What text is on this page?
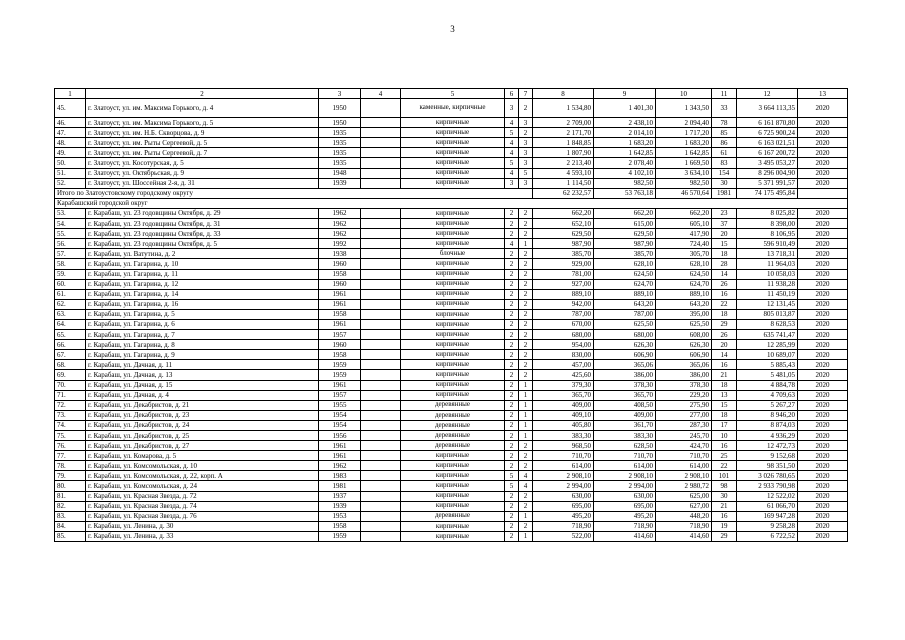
3
1	2	3	4	5	6	7	8	9	10	11	12	13
45.	г. Златоуст, ул. им. Максима Горького, д. 4	1950		каменные, кирпичные	3	2	1 534,80	1 401,30	1 343,50	33	3 664 113,35	2020
46.	г. Златоуст, ул. им. Максима Горького, д. 5	1950		кирпичные	4	3	2 709,00	2 438,10	2 094,40	78	6 161 870,80	2020
47.	г. Златоуст, ул. им. Н.Б. Скворцова, д. 9	1935		кирпичные	5	2	2 171,70	2 014,10	1 717,20	85	6 725 900,24	2020
48.	г. Златоуст, ул. им. Рыты Сергеевой, д. 5	1935		кирпичные	4	3	1 848,85	1 683,20	1 683,20	86	6 163 021,51	2020
49.	г. Златоуст, ул. им. Рыты Сергеевой, д. 7	1935		кирпичные	4	3	1 807,90	1 642,85	1 642,85	61	6 167 200,72	2020
50.	г. Златоуст, ул. Косотурская, д. 5	1935		кирпичные	5	3	2 213,40	2 078,40	1 669,50	83	3 495 053,27	2020
51.	г. Златоуст, ул. Октябрьская, д. 9	1948		кирпичные	4	5	4 593,10	4 102,10	3 634,10	154	8 296 004,90	2020
52.	г. Златоуст, ул. Шоссейная 2-я, д. 31	1939		кирпичные	3	3	1 114,50	982,50	982,50	30	5 371 991,57	2020
Итого по Златоустовскому городскому округу							62 232,57	53 763,18	46 570,64	1981	74 175 495,84	
Карабашский городской округ												
53.	г. Карабаш, ул. 23 годовщины Октября, д. 29	1962		кирпичные	2	2	662,20	662,20	662,20	23	8 025,82	2020
54.	г. Карабаш, ул. 23 годовщины Октября, д. 31	1962		кирпичные	2	2	652,10	615,00	605,10	37	8 398,00	2020
55.	г. Карабаш, ул. 23 годовщины Октября, д. 33	1962		кирпичные	2	2	629,50	629,50	417,90	20	8 106,95	2020
56.	г. Карабаш, ул. 23 годовщины Октября, д. 5	1992		кирпичные	4	1	987,90	987,90	724,40	15	596 910,49	2020
57.	г. Карабаш, ул. Ватутина, д. 2	1938		блочные	2	2	385,70	385,70	305,70	18	13 718,31	2020
58.	г. Карабаш, ул. Гагарина, д. 10	1960		кирпичные	2	2	929,00	628,10	628,10	28	11 964,03	2020
59.	г. Карабаш, ул. Гагарина, д. 11	1958		кирпичные	2	2	781,00	624,50	624,50	14	10 058,03	2020
60.	г. Карабаш, ул. Гагарина, д. 12	1960		кирпичные	2	2	927,00	624,70	624,70	26	11 938,28	2020
61.	г. Карабаш, ул. Гагарина, д. 14	1961		кирпичные	2	2	889,10	889,10	889,10	16	11 450,19	2020
62.	г. Карабаш, ул. Гагарина, д. 16	1961		кирпичные	2	2	942,00	643,20	643,20	22	12 131,45	2020
63.	г. Карабаш, ул. Гагарина, д. 5	1958		кирпичные	2	2	787,00	787,00	395,00	18	805 013,87	2020
64.	г. Карабаш, ул. Гагарина, д. 6	1961		кирпичные	2	2	670,00	625,50	625,50	29	8 628,53	2020
65.	г. Карабаш, ул. Гагарина, д. 7	1957		кирпичные	2	2	680,00	680,00	608,00	26	635 741,47	2020
66.	г. Карабаш, ул. Гагарина, д. 8	1960		кирпичные	2	2	954,00	626,30	626,30	20	12 285,99	2020
67.	г. Карабаш, ул. Гагарина, д. 9	1958		кирпичные	2	2	830,00	606,90	606,90	14	10 689,07	2020
68.	г. Карабаш, ул. Дачная, д. 11	1959		кирпичные	2	2	457,00	365,06	365,06	16	5 885,43	2020
69.	г. Карабаш, ул. Дачная, д. 13	1959		кирпичные	2	2	425,60	386,00	386,00	21	5 481,05	2020
70.	г. Карабаш, ул. Дачная, д. 15	1961		кирпичные	2	1	379,30	378,30	378,30	18	4 884,78	2020
71.	г. Карабаш, ул. Дачная, д. 4	1957		кирпичные	2	1	365,70	365,70	229,20	13	4 709,63	2020
72.	г. Карабаш, ул. Декабристов, д. 21	1955		деревянные	2	1	409,00	408,50	275,90	15	5 267,27	2020
73.	г. Карабаш, ул. Декабристов, д. 23	1954		деревянные	2	1	409,10	409,00	277,00	18	8 946,20	2020
74.	г. Карабаш, ул. Декабристов, д. 24	1954		деревянные	2	1	405,80	361,70	287,30	17	8 874,03	2020
75.	г. Карабаш, ул. Декабристов, д. 25	1956		деревянные	2	1	383,30	383,30	245,70	10	4 936,29	2020
76.	г. Карабаш, ул. Декабристов, д. 27	1961		деревянные	2	2	968,50	628,50	424,70	16	12 472,73	2020
77.	г. Карабаш, ул. Комарова, д. 5	1961		кирпичные	2	2	710,70	710,70	710,70	25	9 152,68	2020
78.	г. Карабаш, ул. Комсомольская, д. 10	1962		кирпичные	2	2	614,00	614,00	614,00	22	98 351,50	2020
79.	г. Карабаш, ул. Комсомольская, д. 22, корп. А	1983		кирпичные	5	4	2 908,10	2 908,10	2 908,10	101	3 026 780,65	2020
80.	г. Карабаш, ул. Комсомольская, д. 24	1981		кирпичные	5	4	2 994,00	2 994,00	2 980,72	98	2 933 790,98	2020
81.	г. Карабаш, ул. Красная Звезда, д. 72	1937		кирпичные	2	2	630,00	630,00	625,00	30	12 522,02	2020
82.	г. Карабаш, ул. Красная Звезда, д. 74	1939		кирпичные	2	2	695,00	695,00	627,00	21	61 066,70	2020
83.	г. Карабаш, ул. Красная Звезда, д. 76	1953		деревянные	2	1	495,20	495,20	448,20	16	169 947,28	2020
84.	г. Карабаш, ул. Ленина, д. 30	1958		кирпичные	2	2	718,90	718,90	718,90	19	9 258,28	2020
85.	г. Карабаш, ул. Ленина, д. 33	1959		кирпичные	2	1	522,00	414,60	414,60	29	6 722,52	2020
